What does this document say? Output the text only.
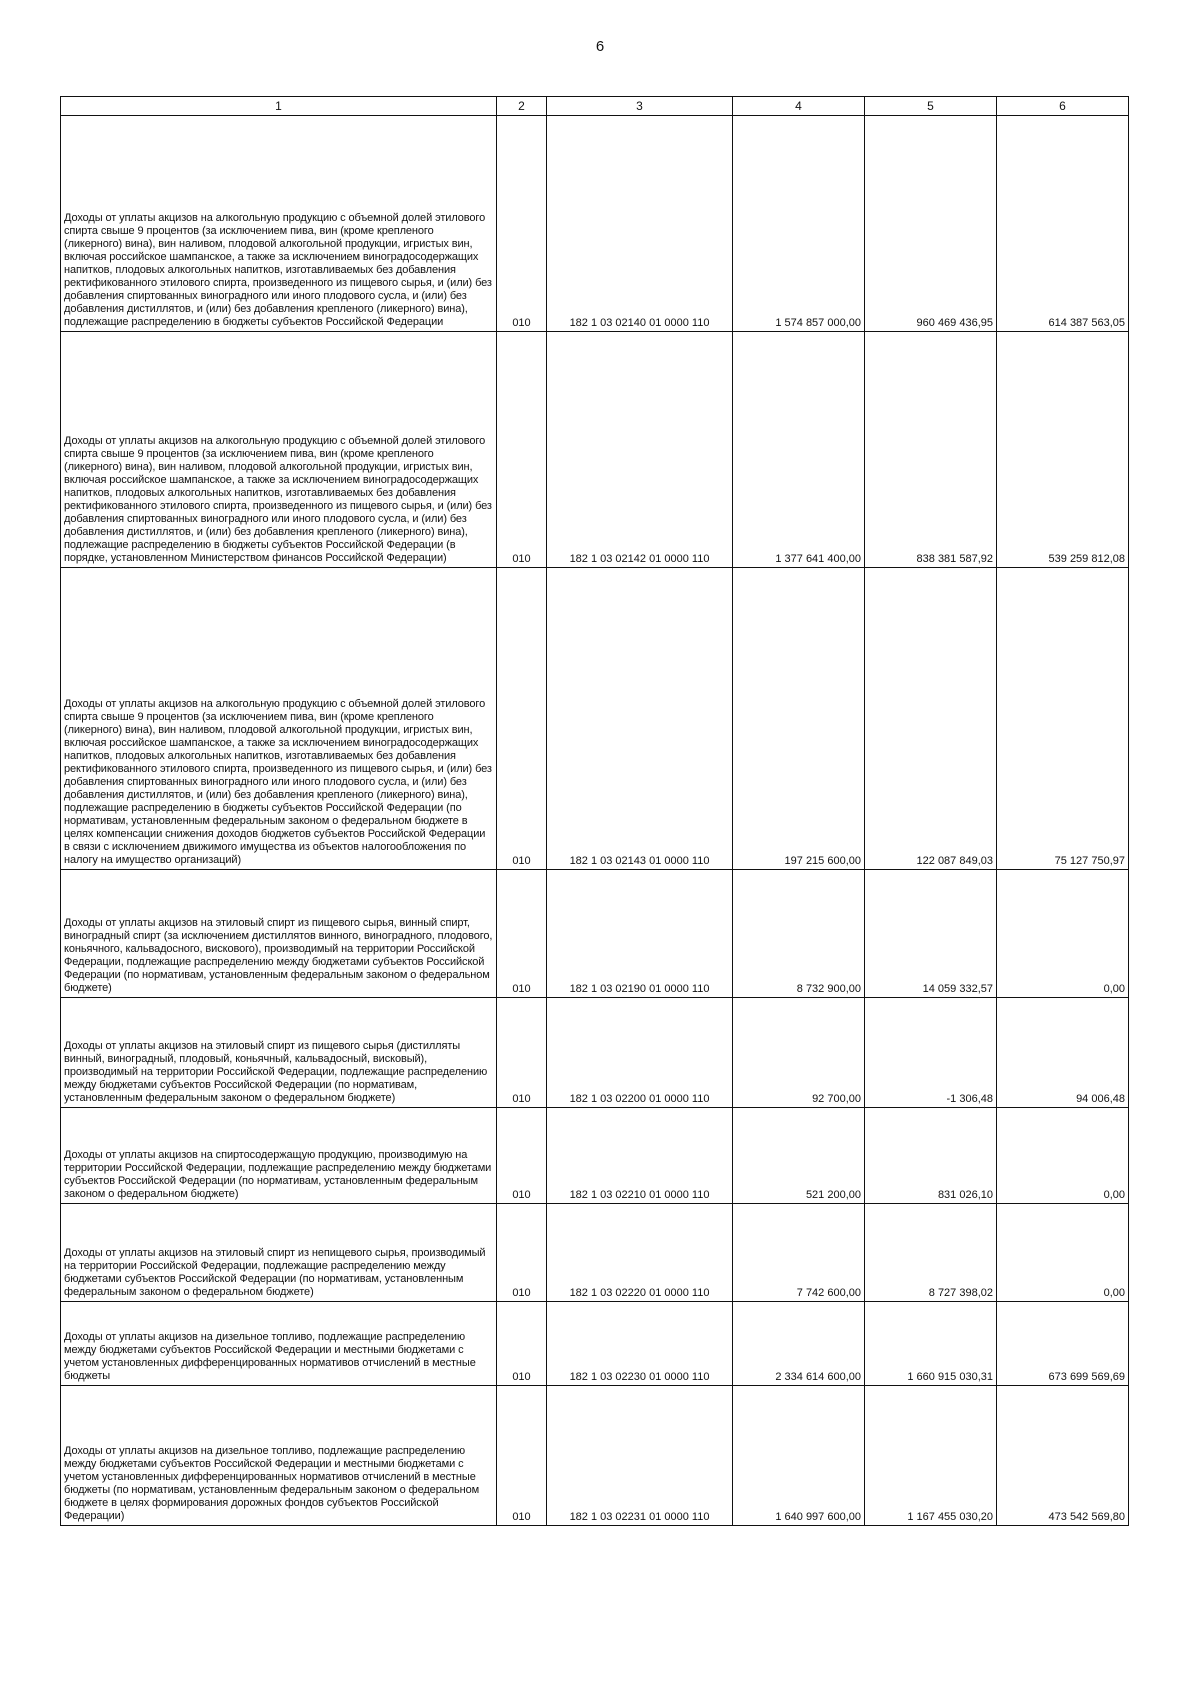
6
1	2	3	4	5	6
Доходы от уплаты акцизов на алкогольную продукцию с объемной долей этилового спирта свыше 9 процентов (за исключением пива, вин (кроме крепленого (ликерного) вина), вин наливом, плодовой алкогольной продукции, игристых вин, включая российское шампанское, а также за исключением виноградосодержащих напитков, плодовых алкогольных напитков, изготавливаемых без добавления ректификованного этилового спирта, произведенного из пищевого сырья, и (или) без добавления спиртованных виноградного или иного плодового сусла, и (или) без добавления дистиллятов, и (или) без добавления крепленого (ликерного) вина), подлежащие распределению в бюджеты субъектов Российской Федерации	010	182 1 03 02140 01 0000 110	1 574 857 000,00	960 469 436,95	614 387 563,05
Доходы от уплаты акцизов на алкогольную продукцию с объемной долей этилового спирта свыше 9 процентов (за исключением пива, вин (кроме крепленого (ликерного) вина), вин наливом, плодовой алкогольной продукции, игристых вин, включая российское шампанское, а также за исключением виноградосодержащих напитков, плодовых алкогольных напитков, изготавливаемых без добавления ректификованного этилового спирта, произведенного из пищевого сырья, и (или) без добавления спиртованных виноградного или иного плодового сусла, и (или) без добавления дистиллятов, и (или) без добавления крепленого (ликерного) вина), подлежащие распределению в бюджеты субъектов Российской Федерации (в порядке, установленном Министерством финансов Российской Федерации)	010	182 1 03 02142 01 0000 110	1 377 641 400,00	838 381 587,92	539 259 812,08
Доходы от уплаты акцизов на алкогольную продукцию с объемной долей этилового спирта свыше 9 процентов (за исключением пива, вин (кроме крепленого (ликерного) вина), вин наливом, плодовой алкогольной продукции, игристых вин, включая российское шампанское, а также за исключением виноградосодержащих напитков, плодовых алкогольных напитков, изготавливаемых без добавления ректификованного этилового спирта, произведенного из пищевого сырья, и (или) без добавления спиртованных виноградного или иного плодового сусла, и (или) без добавления дистиллятов, и (или) без добавления крепленого (ликерного) вина), подлежащие распределению в бюджеты субъектов Российской Федерации (по нормативам, установленным федеральным законом о федеральном бюджете в целях компенсации снижения доходов бюджетов субъектов Российской Федерации в связи с исключением движимого имущества из объектов налогообложения по налогу на имущество организаций)	010	182 1 03 02143 01 0000 110	197 215 600,00	122 087 849,03	75 127 750,97
Доходы от уплаты акцизов на этиловый спирт из пищевого сырья, винный спирт, виноградный спирт (за исключением дистиллятов винного, виноградного, плодового, коньячного, кальвадосного, вискового), производимый на территории Российской Федерации, подлежащие распределению между бюджетами субъектов Российской Федерации (по нормативам, установленным федеральным законом о федеральном бюджете)	010	182 1 03 02190 01 0000 110	8 732 900,00	14 059 332,57	0,00
Доходы от уплаты акцизов на этиловый спирт из пищевого сырья (дистилляты винный, виноградный, плодовый, коньячный, кальвадосный, висковый), производимый на территории Российской Федерации, подлежащие распределению между бюджетами субъектов Российской Федерации (по нормативам, установленным федеральным законом о федеральном бюджете)	010	182 1 03 02200 01 0000 110	92 700,00	-1 306,48	94 006,48
Доходы от уплаты акцизов на спиртосодержащую продукцию, производимую на территории Российской Федерации, подлежащие распределению между бюджетами субъектов Российской Федерации (по нормативам, установленным федеральным законом о федеральном бюджете)	010	182 1 03 02210 01 0000 110	521 200,00	831 026,10	0,00
Доходы от уплаты акцизов на этиловый спирт из непищевого сырья, производимый на территории Российской Федерации, подлежащие распределению между бюджетами субъектов Российской Федерации (по нормативам, установленным федеральным законом о федеральном бюджете)	010	182 1 03 02220 01 0000 110	7 742 600,00	8 727 398,02	0,00
Доходы от уплаты акцизов на дизельное топливо, подлежащие распределению между бюджетами субъектов Российской Федерации и местными бюджетами с учетом установленных дифференцированных нормативов отчислений в местные бюджеты	010	182 1 03 02230 01 0000 110	2 334 614 600,00	1 660 915 030,31	673 699 569,69
Доходы от уплаты акцизов на дизельное топливо, подлежащие распределению между бюджетами субъектов Российской Федерации и местными бюджетами с учетом установленных дифференцированных нормативов отчислений в местные бюджеты (по нормативам, установленным федеральным законом о федеральном бюджете в целях формирования дорожных фондов субъектов Российской Федерации)	010	182 1 03 02231 01 0000 110	1 640 997 600,00	1 167 455 030,20	473 542 569,80
